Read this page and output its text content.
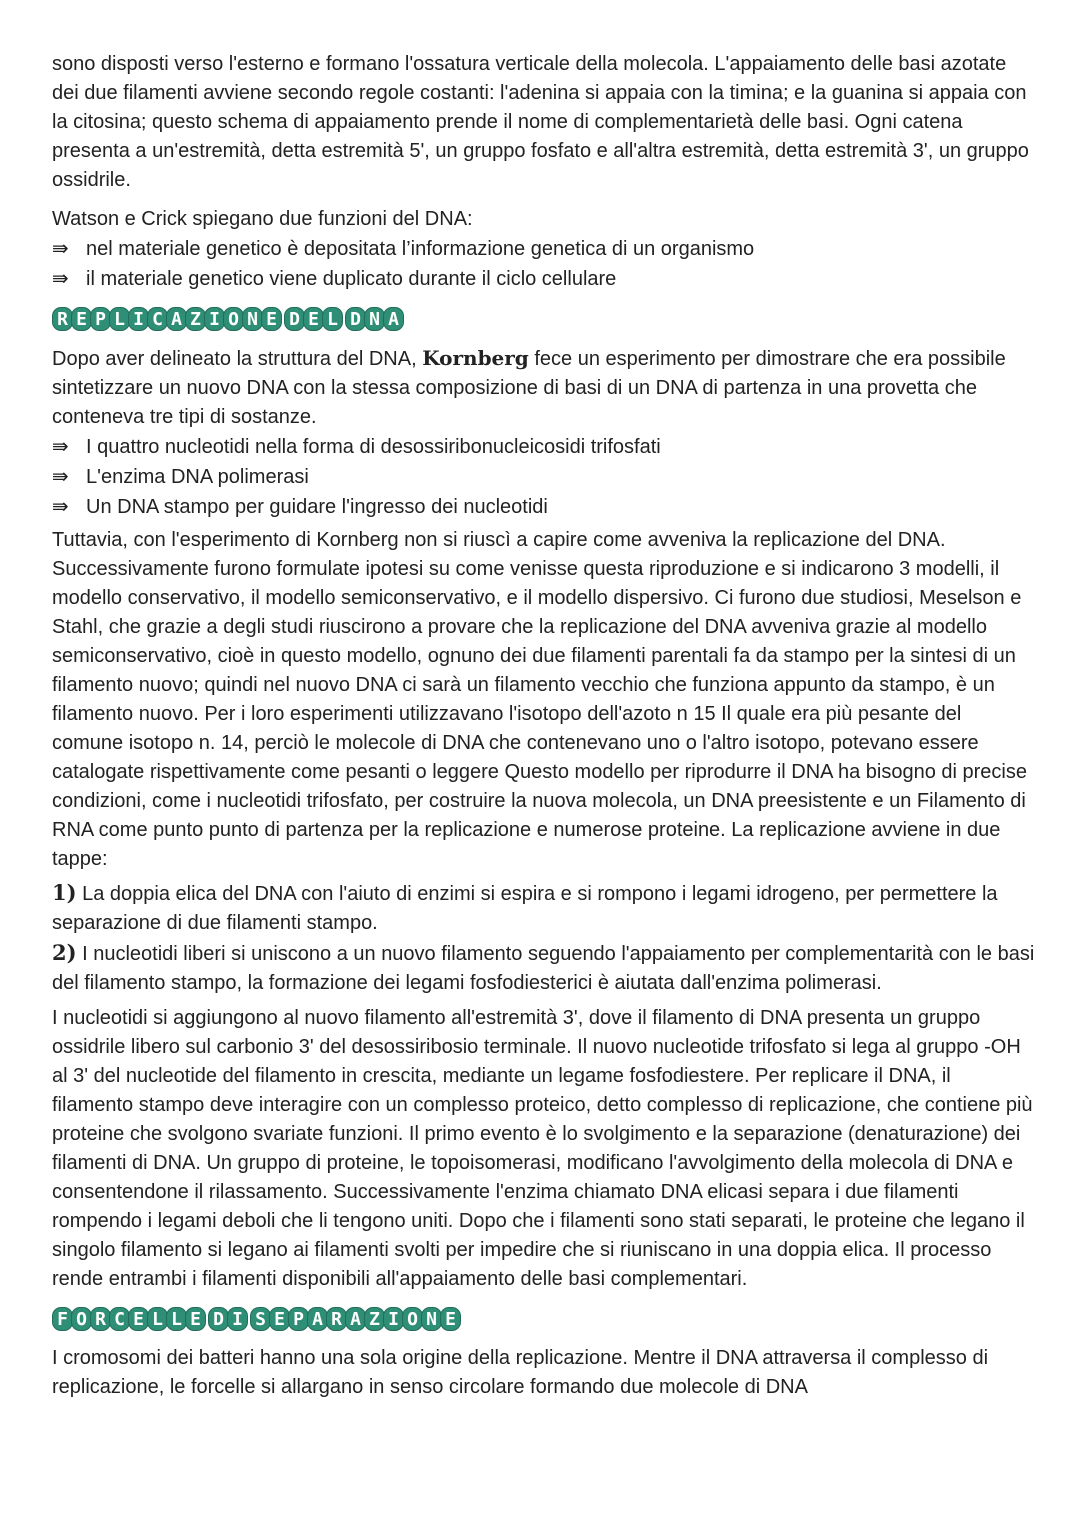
sono disposti verso l'esterno e formano l'ossatura verticale della molecola. L'appaiamento delle basi azotate dei due filamenti avviene secondo regole costanti: l'adenina si appaia con la timina; e la guanina si appaia con la citosina; questo schema di appaiamento prende il nome di complementarietà delle basi. Ogni catena presenta a un'estremità, detta estremità 5', un gruppo fosfato e all'altra estremità, detta estremità 3', un gruppo ossidrile.

Watson e Crick spiegano due funzioni del DNA:

⇛ nel materiale genetico è depositata l’informazione genetica di un organismo

⇛ il materiale genetico viene duplicato durante il ciclo cellulare

R E P L I C A Z I O N E D E L D N A

Dopo aver delineato la struttura del DNA, Kornberg fece un esperimento per dimostrare che era possibile sintetizzare un nuovo DNA con la stessa composizione di basi di un DNA di partenza in una provetta che conteneva tre tipi di sostanze.

⇛ I quattro nucleotidi nella forma di desossiribonucleicosidi trifosfati

⇛ L'enzima DNA polimerasi

⇛ Un DNA stampo per guidare l'ingresso dei nucleotidi

Tuttavia, con l'esperimento di Kornberg non si riuscì a capire come avveniva la replicazione del DNA. Successivamente furono formulate ipotesi su come venisse questa riproduzione e si indicarono 3 modelli, il modello conservativo, il modello semiconservativo, e il modello dispersivo. Ci furono due studiosi, Meselson e Stahl, che grazie a degli studi riuscirono a provare che la replicazione del DNA avveniva grazie al modello semiconservativo, cioè in questo modello, ognuno dei due filamenti parentali fa da stampo per la sintesi di un filamento nuovo; quindi nel nuovo DNA ci sarà un filamento vecchio che funziona appunto da stampo, è un filamento nuovo. Per i loro esperimenti utilizzavano l'isotopo dell'azoto n 15 Il quale era più pesante del comune isotopo n. 14, perciò le molecole di DNA che contenevano uno o l'altro isotopo, potevano essere catalogate rispettivamente come pesanti o leggere Questo modello per riprodurre il DNA ha bisogno di precise condizioni, come i nucleotidi trifosfato, per costruire la nuova molecola, un DNA preesistente e un Filamento di RNA come punto punto di partenza per la replicazione e numerose proteine. La replicazione avviene in due tappe:

1) La doppia elica del DNA con l'aiuto di enzimi si espira e si rompono i legami idrogeno, per permettere la separazione di due filamenti stampo.

2) I nucleotidi liberi si uniscono a un nuovo filamento seguendo l'appaiamento per complementarità con le basi del filamento stampo, la formazione dei legami fosfodiesterici è aiutata dall'enzima polimerasi.

I nucleotidi si aggiungono al nuovo filamento all'estremità 3', dove il filamento di DNA presenta un gruppo ossidrile libero sul carbonio 3' del desossiribosio terminale. Il nuovo nucleotide trifosfato si lega al gruppo -OH al 3' del nucleotide del filamento in crescita, mediante un legame fosfodiestere. Per replicare il DNA, il filamento stampo deve interagire con un complesso proteico, detto complesso di replicazione, che contiene più proteine che svolgono svariate funzioni. Il primo evento è lo svolgimento e la separazione (denaturazione) dei filamenti di DNA. Un gruppo di proteine, le topoisomerasi, modificano l'avvolgimento della molecola di DNA e consentendone il rilassamento. Successivamente l'enzima chiamato DNA elicasi separa i due filamenti rompendo i legami deboli che li tengono uniti. Dopo che i filamenti sono stati separati, le proteine che legano il singolo filamento si legano ai filamenti svolti per impedire che si riuniscano in una doppia elica. Il processo rende entrambi i filamenti disponibili all'appaiamento delle basi complementari.

F O R C E L L E D I S E P A R A Z I O N E

I cromosomi dei batteri hanno una sola origine della replicazione. Mentre il DNA attraversa il complesso di replicazione, le forcelle si allargano in senso circolare formando due molecole di DNA
